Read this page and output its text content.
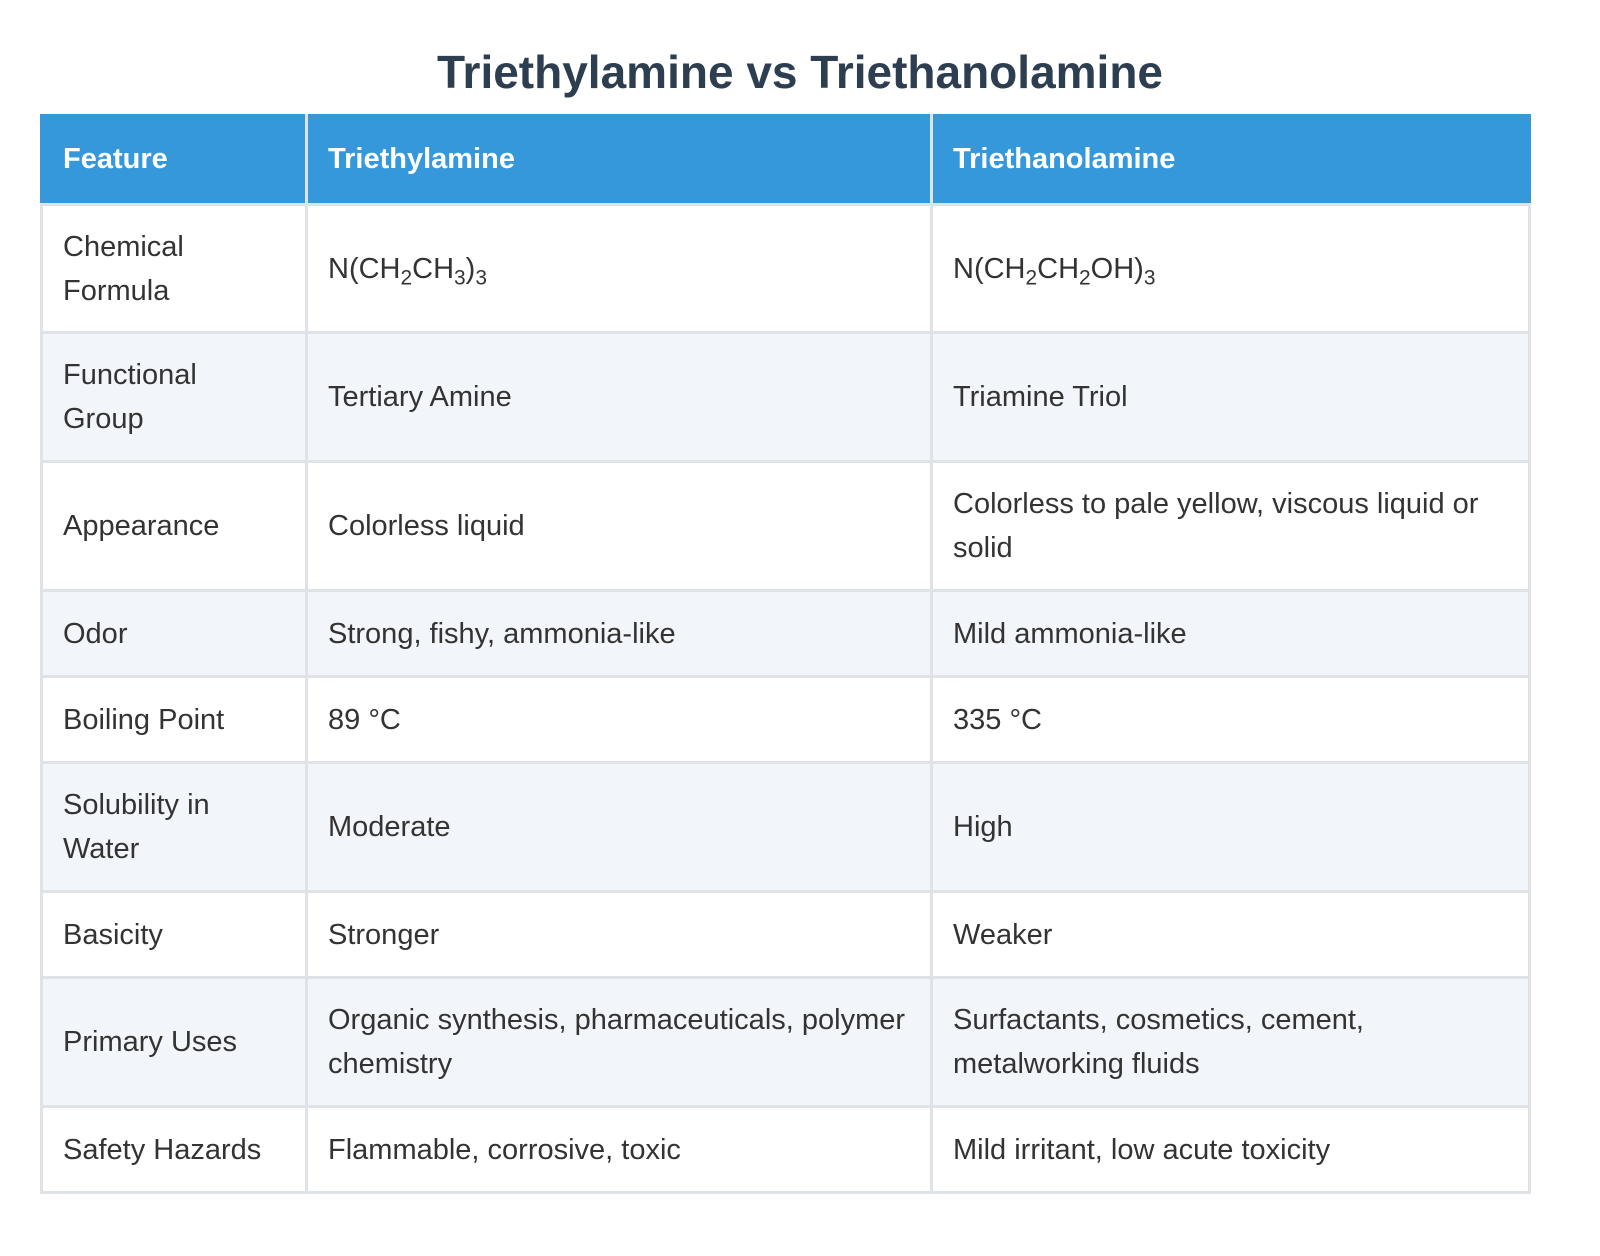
Triethylamine vs Triethanolamine
Feature	Triethylamine	Triethanolamine
Chemical Formula	$N(CH_2CH_3)_3$	$N(CH_2CH_2OH)_3$
Functional Group	Tertiary Amine	Triamine Triol
Appearance	Colorless liquid	Colorless to pale yellow, viscous liquid or solid
Odor	Strong, fishy, ammonia-like	Mild ammonia-like
Boiling Point	89 °C	335 °C
Solubility in Water	Moderate	High
Basicity	Stronger	Weaker
Primary Uses	Organic synthesis, pharmaceuticals, polymer chemistry	Surfactants, cosmetics, cement, metalworking fluids
Safety Hazards	Flammable, corrosive, toxic	Mild irritant, low acute toxicity
